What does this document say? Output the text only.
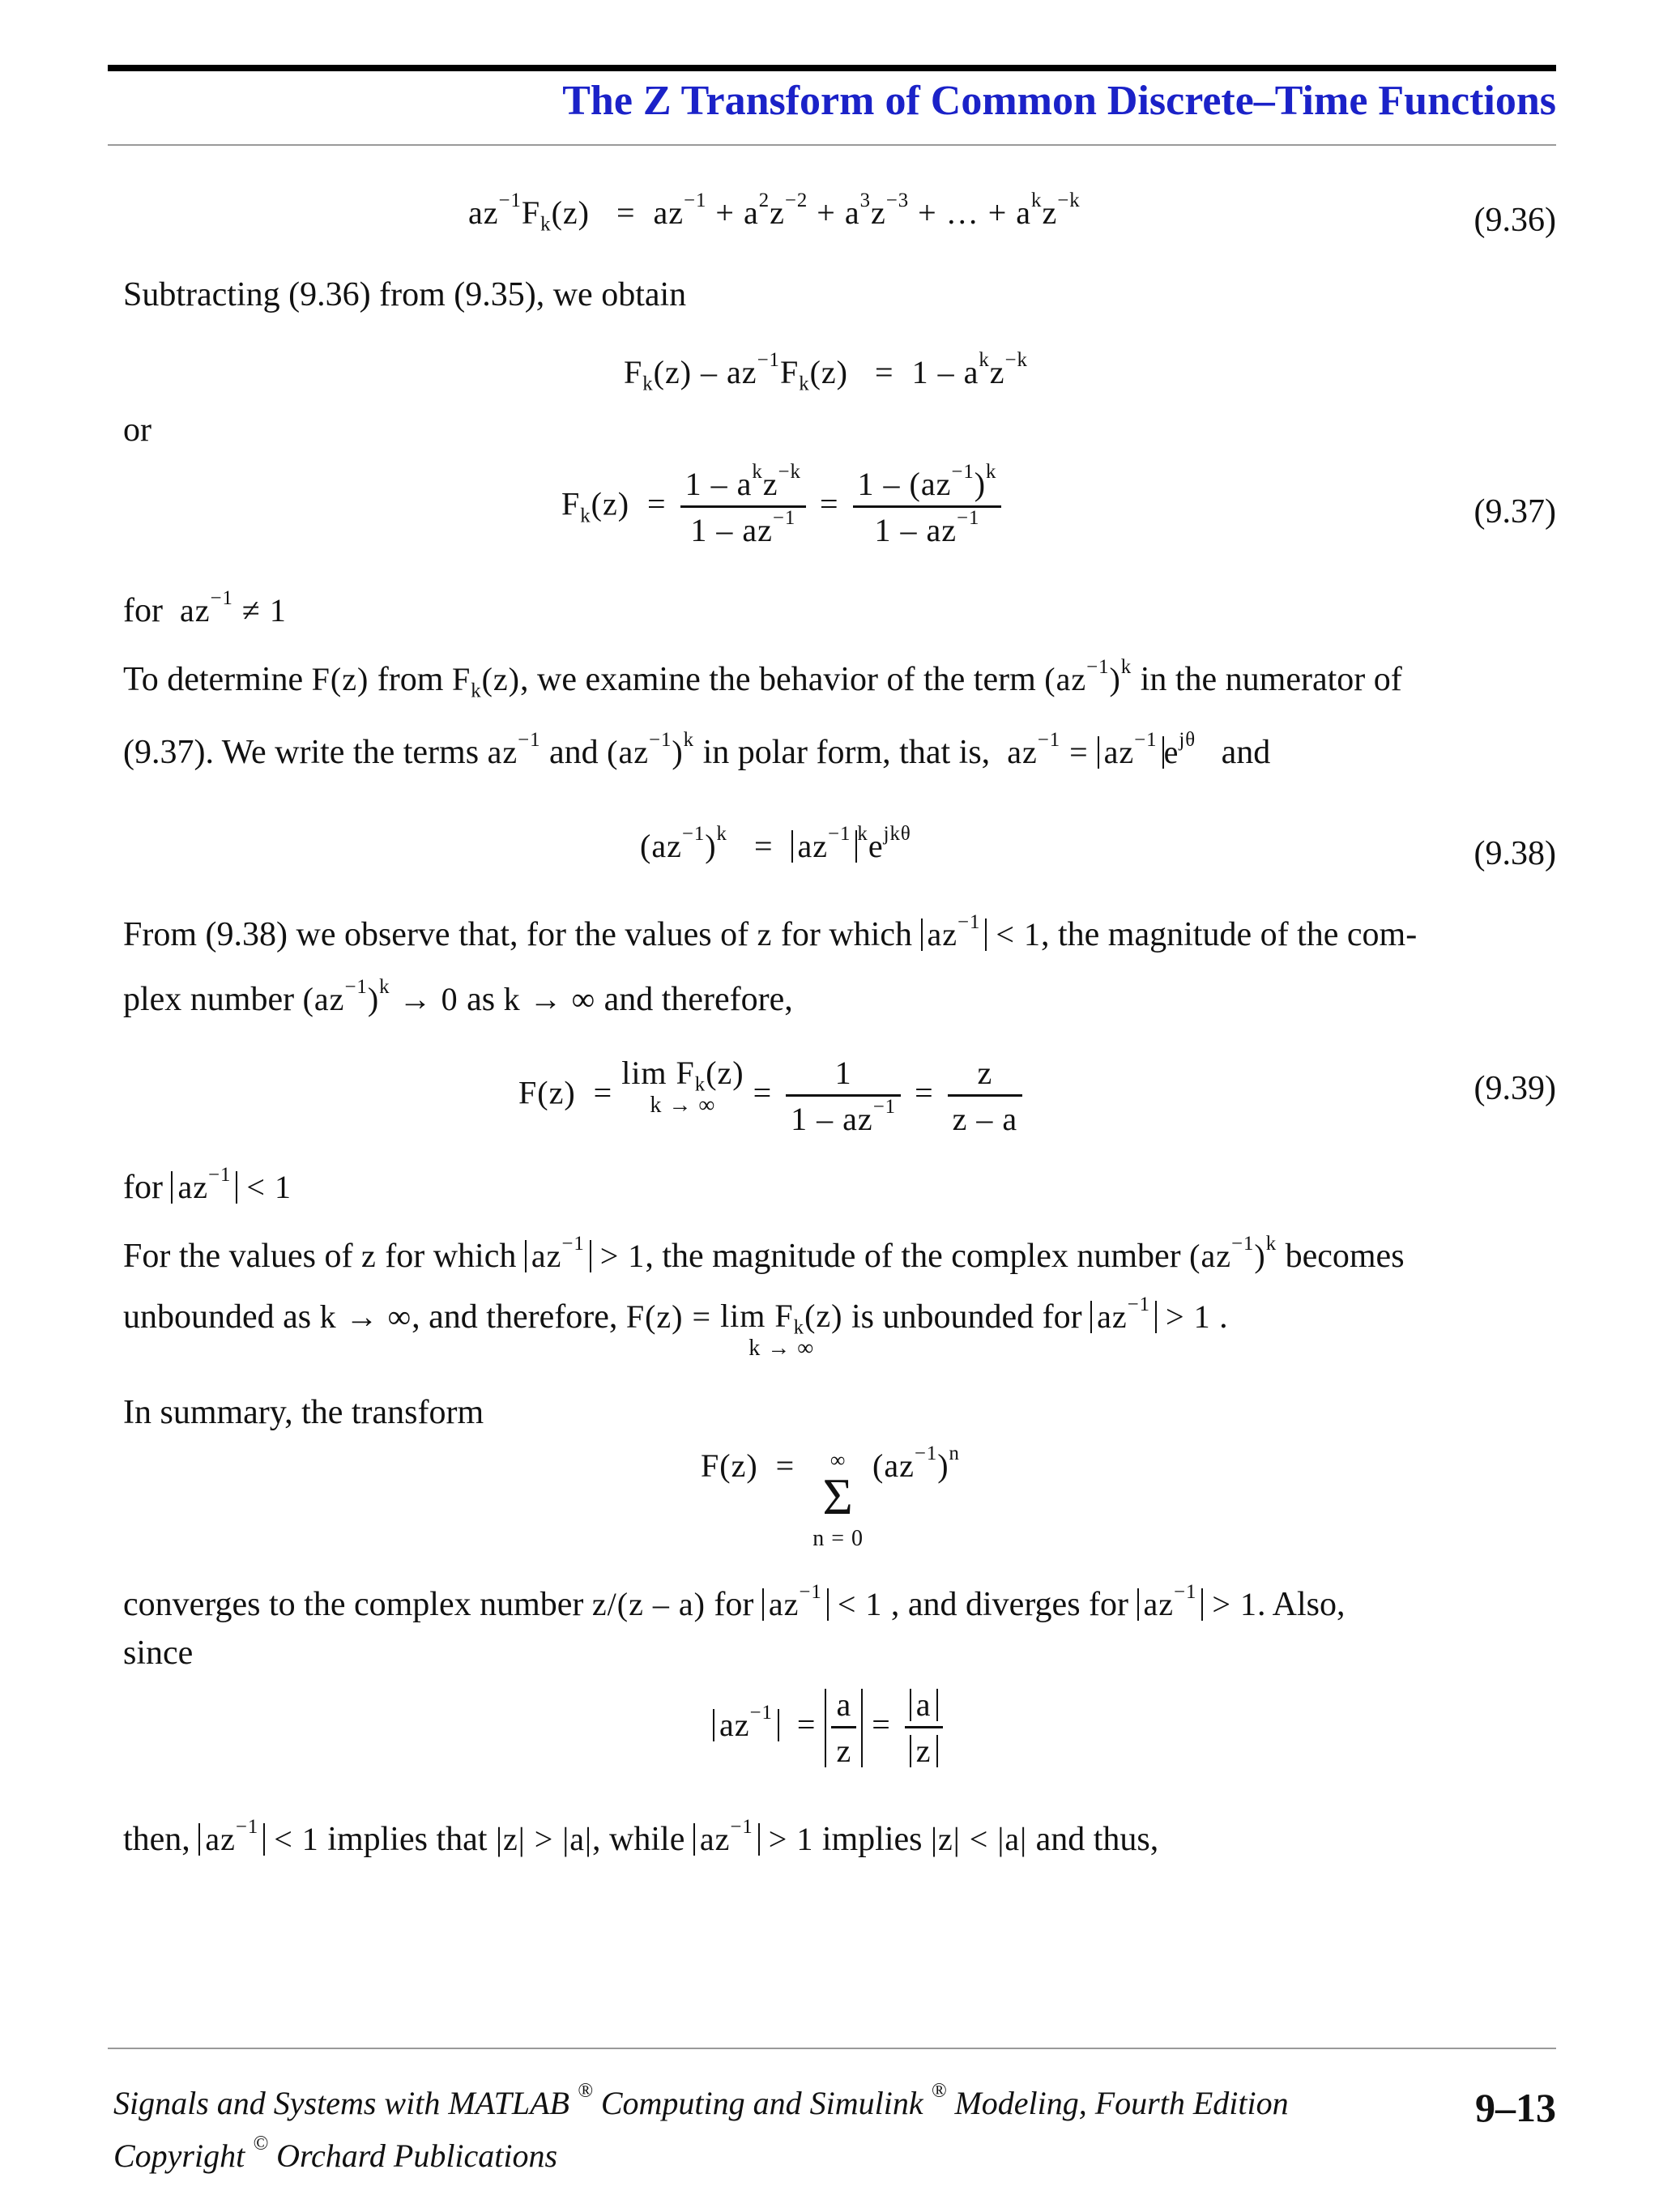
The Z Transform of Common Discrete–Time Functions
$az^{-1}F_k(z) = az^{-1} + a^2z^{-2} + a^3z^{-3}$ + … + $a^kz^{-k}$
(9.36)
Subtracting (9.36) from (9.35), we obtain
$F_k(z) - az^{-1}F_k(z) = 1 - a^kz^{-k}$
or
$F_k(z) = \frac{1 - a^kz^{-k}}{1 - az^{-1}} = \frac{1 - (az^{-1})^k}{1 - az^{-1}}$	(9.37)
for $az^{-1} \ne 1$
To determine F(z) from $F_k(z)$, we examine the behavior of the term $(az^{-1})^k$ in the numerator of
(9.37). We write the terms $az^{-1}$ and $(az^{-1})^k$ in polar form, that is, $az^{-1} = az^{-1}$ $e^{j\theta}$ and
$(az^{-1})^k = az^{-1}$ $^ke^{jk\theta}$
(9.38)
From (9.38) we observe that, for the values of z for which $az^{-1} < 1$, the magnitude of the com-
plex number $(az^{-1})^k \to 0$ as k → ∞ and therefore,
$F(z) = \lim F_k(z)$
k → ∞ = $\frac{1}{1 - az^{-1}} = \frac{z}{z - a}$	(9.39)
for $az^{-1} < 1$
For the values of z for which $az^{-1} > 1$, the magnitude of the complex number $(az^{-1})^k$ becomes
unbounded as k → ∞, and therefore, $F(z) = \lim F_k(z)$
k → ∞
is unbounded for $az^{-1} > 1$ .
In summary, the transform
F(z)  = ∞
Σ
n = 0
$(az^{-1})^n$
converges to the complex number z/(z – a) for $az^{-1} < 1$ , and diverges for $az^{-1} > 1$. Also,
since
$az^{-1} = \frac{a}{z} = \frac{a}{z}$
then, $az^{-1} < 1$ implies that |z| > |a|, while $az^{-1} > 1$ implies |z| < |a| and thus,
Signals and Systems with MATLAB ® Computing and Simulink ® Modeling, Fourth Edition	9–13
Copyright © Orchard Publications
